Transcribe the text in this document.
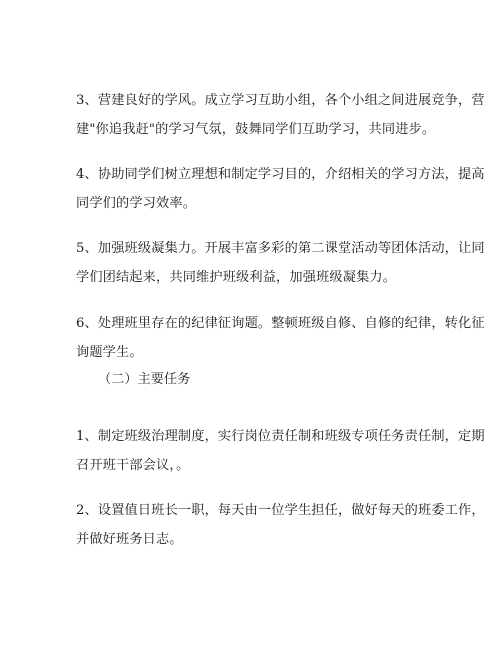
3、营建良好的学风。成立学习互助小组，各个小组之间进展竞争，营
建"你追我赶"的学习气氛，鼓舞同学们互助学习，共同进步。

4、协助同学们树立理想和制定学习目的，介绍相关的学习方法，提高
同学们的学习效率。

5、加强班级凝集力。开展丰富多彩的第二课堂活动等团体活动，让同
学们团结起来，共同维护班级利益，加强班级凝集力。

6、处理班里存在的纪律征询题。整顿班级自修、自修的纪律，转化征
询题学生。

（二）主要任务

1、制定班级治理制度，实行岗位责任制和班级专项任务责任制，定期
召开班干部会议，。

2、设置值日班长一职，每天由一位学生担任，做好每天的班委工作，
并做好班务日志。
